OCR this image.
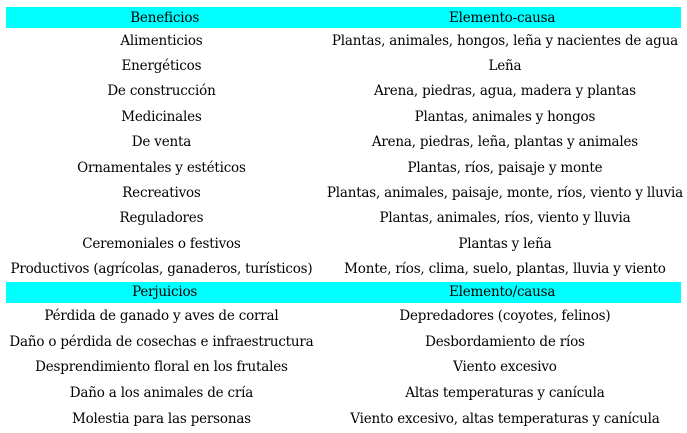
Beneficios	Elemento-causa
Alimenticios	Plantas, animales, hongos, leña y nacientes de agua
Energéticos	Leña
De construcción	Arena, piedras, agua, madera y plantas
Medicinales	Plantas, animales y hongos
De venta	Arena, piedras, leña, plantas y animales
Ornamentales y estéticos	Plantas, ríos, paisaje y monte
Recreativos	Plantas, animales, paisaje, monte, ríos, viento y lluvia
Reguladores	Plantas, animales, ríos, viento y lluvia
Ceremoniales o festivos	Plantas y leña
Productivos (agrícolas, ganaderos, turísticos)	Monte, ríos, clima, suelo, plantas, lluvia y viento
Perjuicios	Elemento/causa
Pérdida de ganado y aves de corral	Depredadores (coyotes, felinos)
Daño o pérdida de cosechas e infraestructura	Desbordamiento de ríos
Desprendimiento floral en los frutales	Viento excesivo
Daño a los animales de cría	Altas temperaturas y canícula
Molestia para las personas	Viento excesivo, altas temperaturas y canícula
